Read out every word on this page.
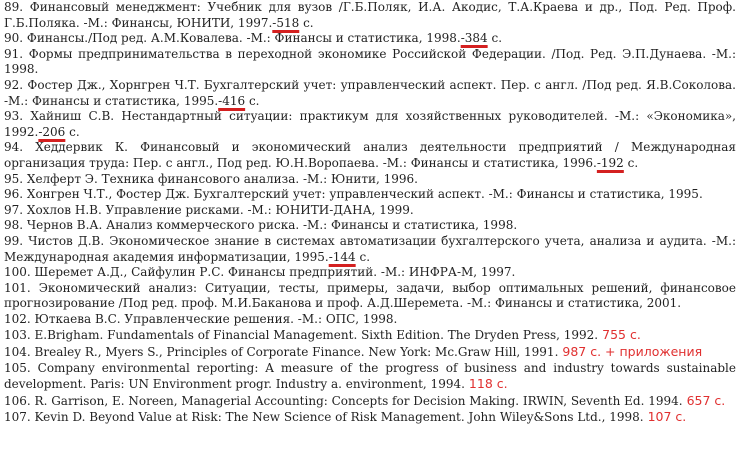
89. Финансовый менеджмент: Учебник для вузов /Г.Б.Поляк, И.А. Акодис, Т.А.Краева и др., Под. Ред. Проф. Г.Б.Поляка. -М.: Финансы, ЮНИТИ, 1997.-518 с.

90. Финансы./Под ред. А.М.Ковалева. -М.: Финансы и статистика, 1998.-384 с.

91. Формы предпринимательства в переходной экономике Российской Федерации. /Под. Ред. Э.П.Дунаева. -М.: 1998.

92. Фостер Дж., Хорнгрен Ч.Т. Бухгалтерский учет: управленческий аспект. Пер. с англ. /Под ред. Я.В.Соколова. -М.: Финансы и статистика, 1995.-416 с.

93. Хайниш С.В. Нестандартный ситуации: практикум для хозяйственных руководителей. -М.: «Экономика», 1992.-206 с.

94. Хеддервик К. Финансовый и экономический анализ деятельности предприятий / Международная организация труда: Пер. с англ., Под ред. Ю.Н.Воропаева. -М.: Финансы и статистика, 1996.-192 с.

95. Хелферт Э. Техника финансового анализа. -М.: Юнити, 1996.

96. Хонгрен Ч.Т., Фостер Дж. Бухгалтерский учет: управленческий аспект. -М.: Финансы и статистика, 1995.

97. Хохлов Н.В. Управление рисками. -М.: ЮНИТИ-ДАНА, 1999.

98. Чернов В.А. Анализ коммерческого риска. -М.: Финансы и статистика, 1998.

99. Чистов Д.В. Экономическое знание в системах автоматизации бухгалтерского учета, анализа и аудита. -М.: Международная академия информатизации, 1995.-144 с.

100. Шеремет А.Д., Сайфулин Р.С. Финансы предприятий. -М.: ИНФРА-М, 1997.

101. Экономический анализ: Ситуации, тесты, примеры, задачи, выбор оптимальных решений, финансовое прогнозирование /Под ред. проф. М.И.Баканова и проф. А.Д.Шеремета. -М.: Финансы и статистика, 2001.

102. Юткаева В.С. Управленческие решения. -М.: ОПС, 1998.

103. E.Brigham. Fundamentals of Financial Management. Sixth Edition. The Dryden Press, 1992. 755 с.

104. Brealey R., Myers S., Principles of Corporate Finance. New York: Mc.Graw Hill, 1991. 987 с. + приложения

105. Company environmental reporting: A measure of the progress of business and industry towards sustainable development. Paris: UN Environment progr. Industry a. environment, 1994. 118 с.

106. R. Garrison, E. Noreen, Managerial Accounting: Concepts for Decision Making. IRWIN, Seventh Ed. 1994. 657 с.

107. Kevin D. Beyond Value at Risk: The New Science of Risk Management. John Wiley&Sons Ltd., 1998. 107 с.
